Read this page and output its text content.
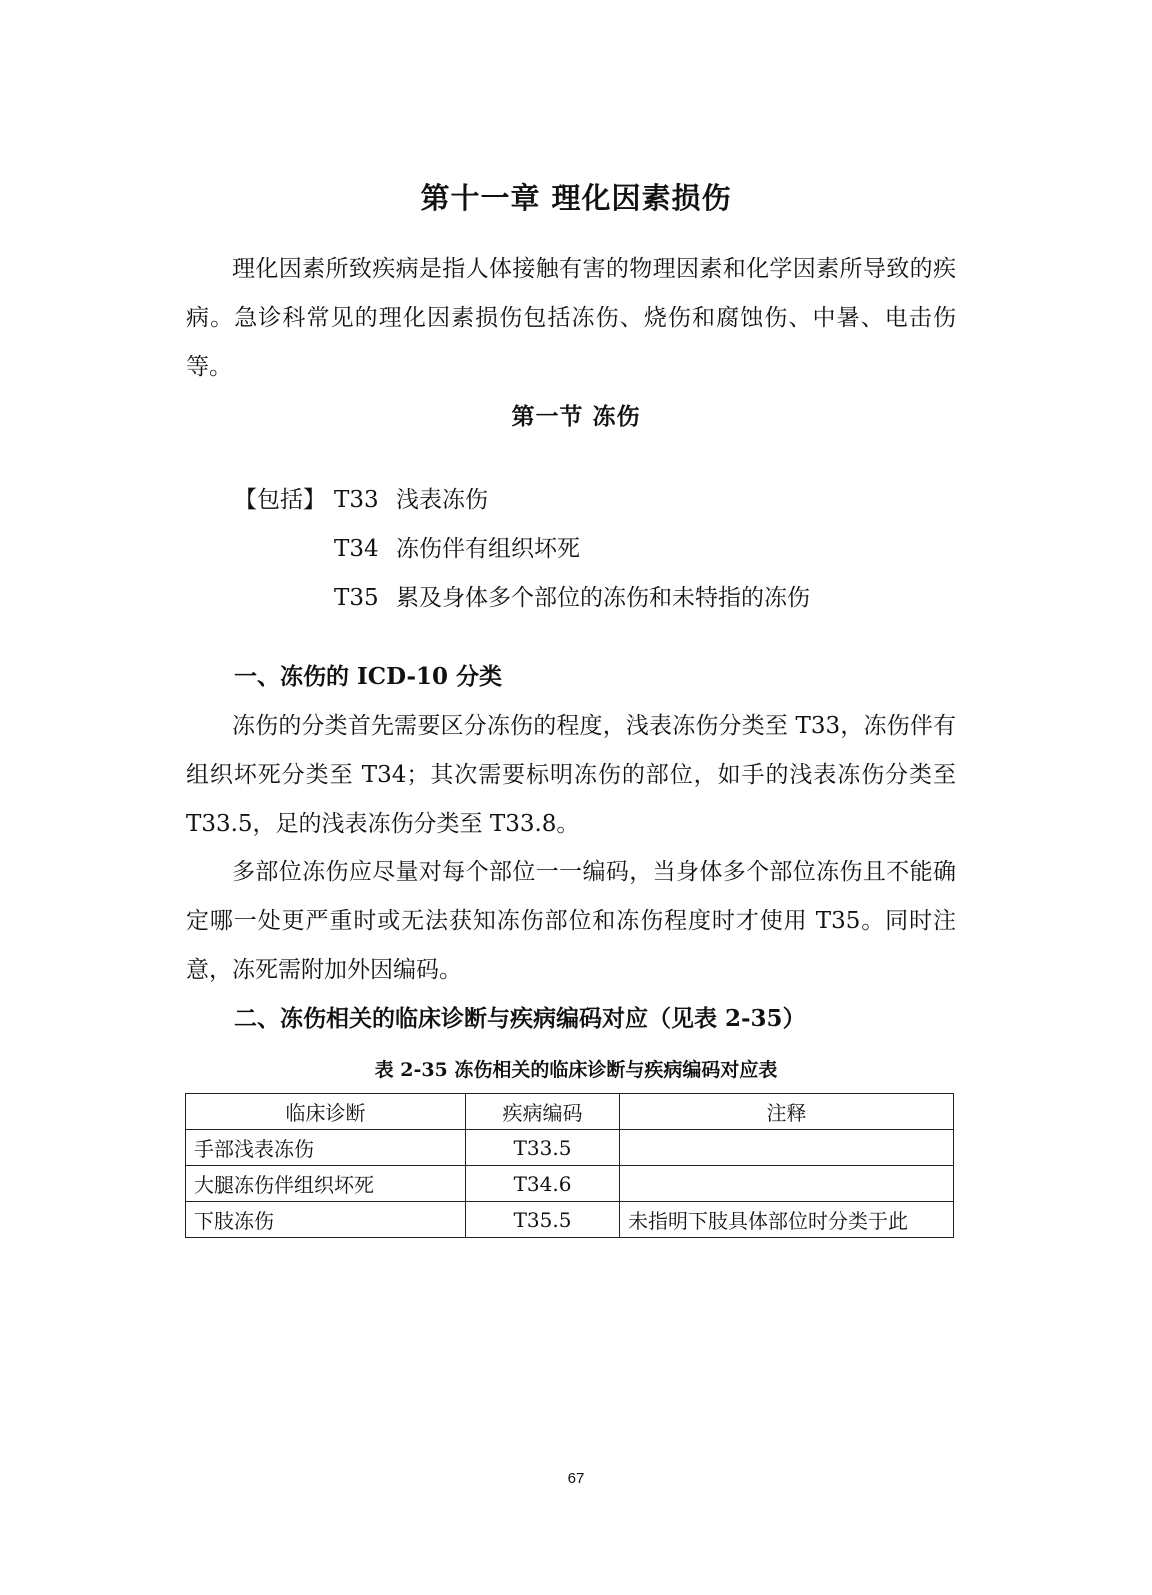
第十一章 理化因素损伤

理化因素所致疾病是指人体接触有害的物理因素和化学因素所导致的疾病。急诊科常见的理化因素损伤包括冻伤、烧伤和腐蚀伤、中暑、电击伤等。

第一节 冻伤
【包括】 T33 浅表冻伤
T34 冻伤伴有组织坏死
T35 累及身体多个部位的冻伤和未特指的冻伤
一、冻伤的 ICD-10 分类

冻伤的分类首先需要区分冻伤的程度，浅表冻伤分类至 T33，冻伤伴有组织坏死分类至 T34；其次需要标明冻伤的部位，如手的浅表冻伤分类至 T33.5，足的浅表冻伤分类至 T33.8。

多部位冻伤应尽量对每个部位一一编码，当身体多个部位冻伤且不能确定哪一处更严重时或无法获知冻伤部位和冻伤程度时才使用 T35。同时注意，冻死需附加外因编码。

二、冻伤相关的临床诊断与疾病编码对应（见表 2-35）
表 2-35 冻伤相关的临床诊断与疾病编码对应表
临床诊断	疾病编码	注释
手部浅表冻伤	T33.5	
大腿冻伤伴组织坏死	T34.6	
下肢冻伤	T35.5	未指明下肢具体部位时分类于此
67
